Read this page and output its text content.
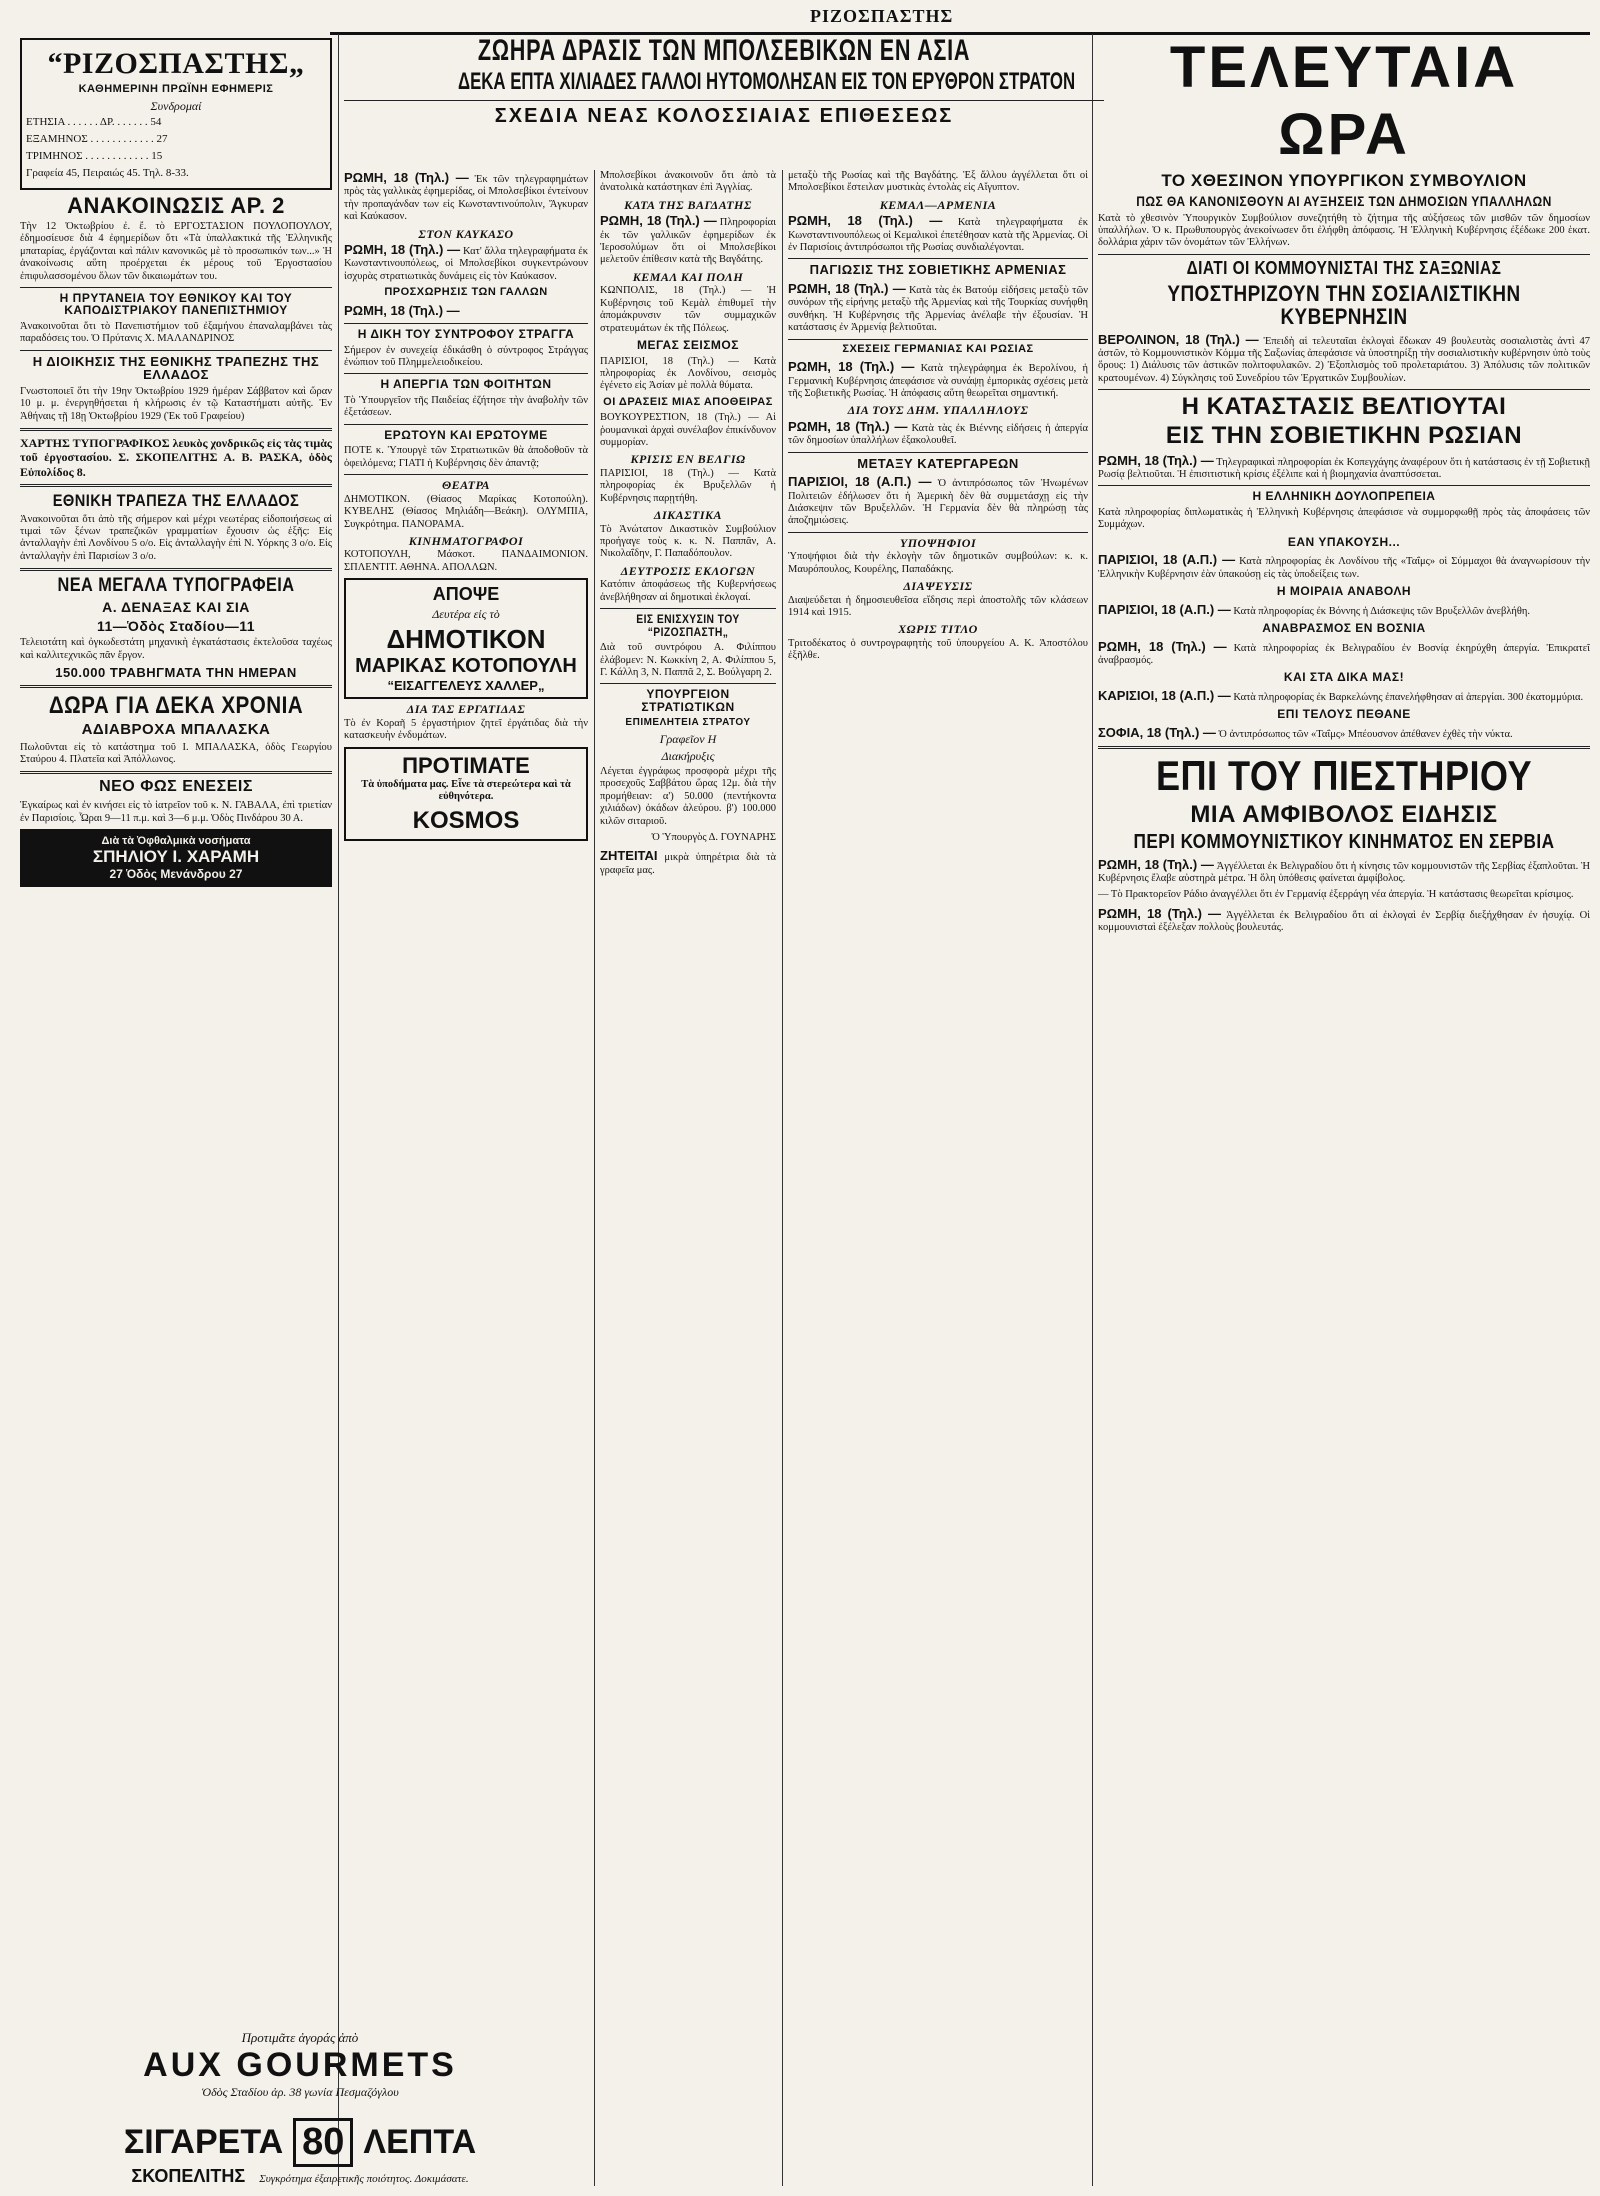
ΡΙΖΟΣΠΑΣΤΗΣ
“ΡΙΖΟΣΠΑΣΤΗΣ„
ΚΑΘΗΜΕΡΙΝΗ ΠΡΩΪΝΗ ΕΦΗΜΕΡΙΣ
Συνδρομαί
ΕΤΗΣΙΑ . . . . . . ΔΡ. . . . . . . 54
ΕΞΑΜΗΝΟΣ . . . . . . . . . . . . 27
ΤΡΙΜΗΝΟΣ . . . . . . . . . . . . 15
Γραφεία 45, Πειραιώς 45. Τηλ. 8-33.
ΑΝΑΚΟΙΝΩΣΙΣ ΑΡ. 2

Τὴν 12 Ὀκτωβρίου ἐ. ἔ. τὸ ΕΡΓΟΣΤΑΣΙΟΝ ΠΟΥΛΟΠΟΥΛΟΥ, ἐδημοσίευσε διὰ 4 ἐφημερίδων ὅτι «Τὰ ὑπαλλακτικά τῆς Ἑλληνικῆς μπαταρίας, ἐργάζονται καὶ πάλιν κανονικῶς μὲ τὸ προσωπικόν των...» Ἡ ἀνακοίνωσις αὕτη προέρχεται ἐκ μέρους τοῦ Ἐργοστασίου ἐπιφυλασσομένου ὅλων τῶν δικαιωμάτων του.

Η ΠΡΥΤΑΝΕΙΑ ΤΟΥ ΕΘΝΙΚΟΥ ΚΑΙ ΤΟΥ ΚΑΠΟΔΙΣΤΡΙΑΚΟΥ ΠΑΝΕΠΙΣΤΗΜΙΟΥ

Ἀνακοινοῦται ὅτι τὸ Πανεπιστήμιον τοῦ ἐξαμήνου ἐπαναλαμβάνει τὰς παραδόσεις του. Ὁ Πρύτανις Χ. ΜΑΛΑΝΔΡΙΝΟΣ

Η ΔΙΟΙΚΗΣΙΣ ΤΗΣ ΕΘΝΙΚΗΣ ΤΡΑΠΕΖΗΣ ΤΗΣ ΕΛΛΑΔΟΣ

Γνωστοποιεῖ ὅτι τὴν 19ην Ὀκτωβρίου 1929 ἡμέραν Σάββατον καὶ ὥραν 10 μ. μ. ἐνεργηθήσεται ἡ κλήρωσις ἐν τῷ Καταστήματι αὐτῆς. Ἐν Ἀθήναις τῇ 18ῃ Ὀκτωβρίου 1929 (Ἐκ τοῦ Γραφείου)

ΧΑΡΤΗΣ ΤΥΠΟΓΡΑΦΙΚΟΣ λευκὸς χονδρικῶς εἰς τὰς τιμὰς τοῦ ἐργοστασίου. Σ. ΣΚΟΠΕΛΙΤΗΣ Α. Β. ΡΑΣΚΑ, ὁδὸς Εὐπολίδος 8.

ΕΘΝΙΚΗ ΤΡΑΠΕΖΑ ΤΗΣ ΕΛΛΑΔΟΣ

Ἀνακοινοῦται ὅτι ἀπὸ τῆς σήμερον καὶ μέχρι νεωτέρας εἰδοποιήσεως αἱ τιμαὶ τῶν ξένων τραπεζικῶν γραμματίων ἔχουσιν ὡς ἑξῆς: Εἰς ἀνταλλαγὴν ἐπὶ Λονδίνου 5 ο/ο. Εἰς ἀνταλλαγὴν ἐπὶ Ν. Υόρκης 3 ο/ο. Εἰς ἀνταλλαγὴν ἐπὶ Παρισίων 3 ο/ο.

ΝΕΑ ΜΕΓΑΛΑ ΤΥΠΟΓΡΑΦΕΙΑ
Α. ΔΕΝΑΞΑΣ ΚΑΙ ΣΙΑ
11—Ὁδὸς Σταδίου—11

Τελειοτάτη καὶ ὀγκωδεστάτη μηχανικὴ ἐγκατάστασις ἐκτελοῦσα ταχέως καὶ καλλιτεχνικῶς πᾶν ἔργον.

150.000 ΤΡΑΒΗΓΜΑΤΑ ΤΗΝ ΗΜΕΡΑΝ
ΔΩΡΑ ΓΙΑ ΔΕΚΑ ΧΡΟΝΙΑ
ΑΔΙΑΒΡΟΧΑ ΜΠΑΛΑΣΚΑ

Πωλοῦνται εἰς τὸ κατάστημα τοῦ Ι. ΜΠΑΛΑΣΚΑ, ὁδὸς Γεωργίου Σταύρου 4. Πλατεῖα καὶ Ἀπόλλωνος.

ΝΕΟ ΦΩΣ ΕΝΕΣΕΙΣ

Ἐγκαίρως καὶ ἐν κινήσει εἰς τὸ ἰατρεῖον τοῦ κ. Ν. ΓΑΒΑΛΑ, ἐπὶ τριετίαν ἐν Παρισίοις. Ὧραι 9—11 π.μ. καὶ 3—6 μ.μ. Ὁδὸς Πινδάρου 30 Α.

Διὰ τὰ Ὀφθαλμικὰ νοσήματα
ΣΠΗΛΙΟΥ Ι. ΧΑΡΑΜΗ
27 Ὁδὸς Μενάνδρου 27
ΖΩΗΡΑ ΔΡΑΣΙΣ ΤΩΝ ΜΠΟΛΣΕΒΙΚΩΝ ΕΝ ΑΣΙΑ
ΔΕΚΑ ΕΠΤΑ ΧΙΛΙΑΔΕΣ ΓΑΛΛΟΙ ΗΥΤΟΜΟΛΗΣΑΝ ΕΙΣ ΤΟΝ ΕΡΥΘΡΟΝ ΣΤΡΑΤΟΝ
ΣΧΕΔΙΑ ΝΕΑΣ ΚΟΛΟΣΣΙΑΙΑΣ ΕΠΙΘΕΣΕΩΣ

ΡΩΜΗ, 18 (Τηλ.) — Ἐκ τῶν τηλεγραφημάτων πρὸς τὰς γαλλικὰς ἐφημερίδας, οἱ Μπολσεβίκοι ἐντείνουν τὴν προπαγάνδαν των εἰς Κωνσταντινούπολιν, Ἄγκυραν καὶ Καύκασον.

ΣΤΟΝ ΚΑΥΚΑΣΟ

ΡΩΜΗ, 18 (Τηλ.) — Κατ' ἄλλα τηλεγραφήματα ἐκ Κωνσταντινουπόλεως, οἱ Μπολσεβίκοι συγκεντρώνουν ἰσχυρὰς στρατιωτικὰς δυνάμεις εἰς τὸν Καύκασον.

ΠΡΟΣΧΩΡΗΣΙΣ ΤΩΝ ΓΑΛΛΩΝ

ΡΩΜΗ, 18 (Τηλ.) —

Η ΔΙΚΗ ΤΟΥ ΣΥΝΤΡΟΦΟΥ ΣΤΡΑΓΓΑ

Σήμερον ἐν συνεχείᾳ ἐδικάσθη ὁ σύντροφος Στράγγας ἐνώπιον τοῦ Πλημμελειοδικείου.

Η ΑΠΕΡΓΙΑ ΤΩΝ ΦΟΙΤΗΤΩΝ

Τὸ Ὑπουργεῖον τῆς Παιδείας ἐζήτησε τὴν ἀναβολὴν τῶν ἐξετάσεων.

ΕΡΩΤΟΥΝ ΚΑΙ ΕΡΩΤΟΥΜΕ

ΠΟΤΕ κ. Ὑπουργὲ τῶν Στρατιωτικῶν θὰ ἀποδοθοῦν τὰ ὀφειλόμενα; ΓΙΑΤΙ ἡ Κυβέρνησις δὲν ἀπαντᾷ;

ΘΕΑΤΡΑ

ΔΗΜΟΤΙΚΟΝ. (Θίασος Μαρίκας Κοτοπούλη). ΚΥΒΕΛΗΣ (Θίασος Μηλιάδη—Βεάκη). ΟΛΥΜΠΙΑ, Συγκρότημα. ΠΑΝΟΡΑΜΑ.

ΚΙΝΗΜΑΤΟΓΡΑΦΟΙ

ΚΟΤΟΠΟΥΛΗ, Μάσκοτ. ΠΑΝΔΑΙΜΟΝΙΟΝ. ΣΠΛΕΝΤΙΤ. ΑΘΗΝΑ. ΑΠΟΛΛΩΝ.

ΑΠΟΨΕ
Δευτέρα εἰς τὸ
ΔΗΜΟΤΙΚΟΝ
ΜΑΡΙΚΑΣ ΚΟΤΟΠΟΥΛΗ
“ΕΙΣΑΓΓΕΛΕΥΣ ΧΑΛΛΕΡ„
ΔΙΑ ΤΑΣ ΕΡΓΑΤΙΔΑΣ

Τὸ ἐν Κοραῆ 5 ἐργαστήριον ζητεῖ ἐργάτιδας διὰ τὴν κατασκευὴν ἐνδυμάτων.

ΠΡΟΤΙΜΑΤΕ
Τὰ ὑποδήματα μας. Εἶνε τὰ στερεώτερα καὶ τὰ εὐθηνότερα.
KOSMOS

Μπολσεβίκοι ἀνακοινοῦν ὅτι ἀπὸ τὰ ἀνατολικὰ κατάστηκαν ἐπὶ Ἀγγλίας.

ΚΑΤΑ ΤΗΣ ΒΑΓΔΑΤΗΣ

ΡΩΜΗ, 18 (Τηλ.) — Πληροφορίαι ἐκ τῶν γαλλικῶν ἐφημερίδων ἐκ Ἰεροσολύμων ὅτι οἱ Μπολσεβίκοι μελετοῦν ἐπίθεσιν κατὰ τῆς Βαγδάτης.

ΚΕΜΑΛ ΚΑΙ ΠΟΛΗ

ΚΩΝΠΟΛΙΣ, 18 (Τηλ.) — Ἡ Κυβέρνησις τοῦ Κεμὰλ ἐπιθυμεῖ τὴν ἀπομάκρυνσιν τῶν συμμαχικῶν στρατευμάτων ἐκ τῆς Πόλεως.

ΜΕΓΑΣ ΣΕΙΣΜΟΣ

ΠΑΡΙΣΙΟΙ, 18 (Τηλ.) — Κατὰ πληροφορίας ἐκ Λονδίνου, σεισμὸς ἐγένετο εἰς Ἀσίαν μὲ πολλὰ θύματα.

ΟΙ ΔΡΑΣΕΙΣ ΜΙΑΣ ΑΠΟΘΕΙΡΑΣ

ΒΟΥΚΟΥΡΕΣΤΙΟΝ, 18 (Τηλ.) — Αἱ ῥουμανικαὶ ἀρχαὶ συνέλαβον ἐπικίνδυνον συμμορίαν.

ΚΡΙΣΙΣ ΕΝ ΒΕΛΓΙΩ

ΠΑΡΙΣΙΟΙ, 18 (Τηλ.) — Κατὰ πληροφορίας ἐκ Βρυξελλῶν ἡ Κυβέρνησις παρῃτήθη.

ΔΙΚΑΣΤΙΚΑ

Τὸ Ἀνώτατον Δικαστικὸν Συμβούλιον προήγαγε τοὺς κ. κ. Ν. Παππᾶν, Α. Νικολαΐδην, Γ. Παπαδόπουλον.

ΔΕΥΤΡΟΣΙΣ ΕΚΛΟΓΩΝ

Κατόπιν ἀποφάσεως τῆς Κυβερνήσεως ἀνεβλήθησαν αἱ δημοτικαὶ ἐκλογαί.

ΕΙΣ ΕΝΙΣΧΥΣΙΝ ΤΟΥ “ΡΙΖΟΣΠΑΣΤΗ„

Διὰ τοῦ συντρόφου Α. Φιλίππου ἐλάβομεν: Ν. Κωκκίνη 2, Α. Φιλίππου 5, Γ. Κάλλη 3, Ν. Παππᾶ 2, Σ. Βούλγαρη 2.

ΥΠΟΥΡΓΕΙΟΝ ΣΤΡΑΤΙΩΤΙΚΩΝ
ΕΠΙΜΕΛΗΤΕΙΑ ΣΤΡΑΤΟΥ
Γραφεῖον Η
Διακήρυξις

Λέγεται ἐγγράφως προσφορὰ μέχρι τῆς προσεχοῦς Σαββάτου ὥρας 12μ. διὰ τὴν προμήθειαν: α') 50.000 (πεντήκοντα χιλιάδων) ὀκάδων ἀλεύρου. β') 100.000 κιλῶν σιταριοῦ.

Ὁ Ὑπουργὸς Δ. ΓΟΥΝΑΡΗΣ

ΖΗΤΕΙΤΑΙ μικρὰ ὑπηρέτρια διὰ τὰ γραφεῖα μας.

μεταξὺ τῆς Ρωσίας καὶ τῆς Βαγδάτης. Ἐξ ἄλλου ἀγγέλλεται ὅτι οἱ Μπολσεβίκοι ἔστειλαν μυστικὰς ἐντολὰς εἰς Αἴγυπτον.

ΚΕΜΑΛ—ΑΡΜΕΝΙΑ

ΡΩΜΗ, 18 (Τηλ.) — Κατὰ τηλεγραφήματα ἐκ Κωνσταντινουπόλεως οἱ Κεμαλικοὶ ἐπετέθησαν κατὰ τῆς Ἀρμενίας. Οἱ ἐν Παρισίοις ἀντιπρόσωποι τῆς Ρωσίας συνδιαλέγονται.

ΠΑΓΙΩΣΙΣ ΤΗΣ ΣΟΒΙΕΤΙΚΗΣ ΑΡΜΕΝΙΑΣ

ΡΩΜΗ, 18 (Τηλ.) — Κατὰ τὰς ἐκ Βατούμ εἰδήσεις μεταξὺ τῶν συνόρων τῆς εἰρήνης μεταξὺ τῆς Ἀρμενίας καὶ τῆς Τουρκίας συνήφθη συνθήκη. Ἡ Κυβέρνησις τῆς Ἀρμενίας ἀνέλαβε τὴν ἐξουσίαν. Ἡ κατάστασις ἐν Ἀρμενίᾳ βελτιοῦται.

ΣΧΕΣΕΙΣ ΓΕΡΜΑΝΙΑΣ ΚΑΙ ΡΩΣΙΑΣ

ΡΩΜΗ, 18 (Τηλ.) — Κατὰ τηλεγράφημα ἐκ Βερολίνου, ἡ Γερμανικὴ Κυβέρνησις ἀπεφάσισε νὰ συνάψῃ ἐμπορικὰς σχέσεις μετὰ τῆς Σοβιετικῆς Ρωσίας. Ἡ ἀπόφασις αὕτη θεωρεῖται σημαντική.

ΔΙΑ ΤΟΥΣ ΔΗΜ. ΥΠΑΛΛΗΛΟΥΣ

ΡΩΜΗ, 18 (Τηλ.) — Κατὰ τὰς ἐκ Βιέννης εἰδήσεις ἡ ἀπεργία τῶν δημοσίων ὑπαλλήλων ἐξακολουθεῖ.

ΜΕΤΑΞΥ ΚΑΤΕΡΓΑΡΕΩΝ

ΠΑΡΙΣΙΟΙ, 18 (Α.Π.) — Ὁ ἀντιπρόσωπος τῶν Ἡνωμένων Πολιτειῶν ἐδήλωσεν ὅτι ἡ Ἀμερικὴ δὲν θὰ συμμετάσχῃ εἰς τὴν Διάσκεψιν τῶν Βρυξελλῶν. Ἡ Γερμανία δὲν θὰ πληρώσῃ τὰς ἀποζημιώσεις.

ΥΠΟΨΗΦΙΟΙ

Ὑποψήφιοι διὰ τὴν ἐκλογὴν τῶν δημοτικῶν συμβούλων: κ. κ. Μαυρόπουλος, Κουρέλης, Παπαδάκης.

ΔΙΑΨΕΥΣΙΣ

Διαψεύδεται ἡ δημοσιευθεῖσα εἴδησις περὶ ἀποστολῆς τῶν κλάσεων 1914 καὶ 1915.

ΧΩΡΙΣ ΤΙΤΛΟ

Τριτοδέκατος ὁ συντρογραφητὴς τοῦ ὑπουργείου Α. Κ. Ἀποστόλου ἐξῆλθε.

ΤΕΛΕΥΤΑΙΑ ΩΡΑ
ΤΟ ΧΘΕΣΙΝΟΝ ΥΠΟΥΡΓΙΚΟΝ ΣΥΜΒΟΥΛΙΟΝ
ΠΩΣ ΘΑ ΚΑΝΟΝΙΣΘΟΥΝ ΑΙ ΑΥΞΗΣΕΙΣ ΤΩΝ ΔΗΜΟΣΙΩΝ ΥΠΑΛΛΗΛΩΝ

Κατὰ τὸ χθεσινὸν Ὑπουργικὸν Συμβούλιον συνεζητήθη τὸ ζήτημα τῆς αὐξήσεως τῶν μισθῶν τῶν δημοσίων ὑπαλλήλων. Ὁ κ. Πρωθυπουργὸς ἀνεκοίνωσεν ὅτι ἐλήφθη ἀπόφασις. Ἡ Ἑλληνικὴ Κυβέρνησις ἐξέδωκε 200 ἑκατ. δολλάρια χάριν τῶν ὀνομάτων τῶν Ἑλλήνων.

ΔΙΑΤΙ ΟΙ ΚΟΜΜΟΥΝΙΣΤΑΙ ΤΗΣ ΣΑΞΩΝΙΑΣ
ΥΠΟΣΤΗΡΙΖΟΥΝ ΤΗΝ ΣΟΣΙΑΛΙΣΤΙΚΗΝ ΚΥΒΕΡΝΗΣΙΝ

ΒΕΡΟΛΙΝΟΝ, 18 (Τηλ.) — Ἐπειδὴ αἱ τελευταῖαι ἐκλογαὶ ἔδωκαν 49 βουλευτὰς σοσιαλιστὰς ἀντὶ 47 ἀστῶν, τὸ Κομμουνιστικὸν Κόμμα τῆς Σαξωνίας ἀπεφάσισε νὰ ὑποστηρίξῃ τὴν σοσιαλιστικὴν κυβέρνησιν ὑπὸ τοὺς ὅρους: 1) Διάλυσις τῶν ἀστικῶν πολιτοφυλακῶν. 2) Ἐξοπλισμὸς τοῦ προλεταριάτου. 3) Ἀπόλυσις τῶν πολιτικῶν κρατουμένων. 4) Σύγκλησις τοῦ Συνεδρίου τῶν Ἐργατικῶν Συμβουλίων.

Η ΚΑΤΑΣΤΑΣΙΣ ΒΕΛΤΙΟΥΤΑΙ
ΕΙΣ ΤΗΝ ΣΟΒΙΕΤΙΚΗΝ ΡΩΣΙΑΝ

ΡΩΜΗ, 18 (Τηλ.) — Τηλεγραφικαὶ πληροφορίαι ἐκ Κοπεγχάγης ἀναφέρουν ὅτι ἡ κατάστασις ἐν τῇ Σοβιετικῇ Ρωσίᾳ βελτιοῦται. Ἡ ἐπισιτιστικὴ κρίσις ἐξέλιπε καὶ ἡ βιομηχανία ἀναπτύσσεται.

Η ΕΛΛΗΝΙΚΗ ΔΟΥΛΟΠΡΕΠΕΙΑ

Κατὰ πληροφορίας διπλωματικὰς ἡ Ἑλληνικὴ Κυβέρνησις ἀπεφάσισε νὰ συμμορφωθῇ πρὸς τὰς ἀποφάσεις τῶν Συμμάχων.

ΕΑΝ ΥΠΑΚΟΥΣΗ...

ΠΑΡΙΣΙΟΙ, 18 (Α.Π.) — Κατὰ πληροφορίας ἐκ Λονδίνου τῆς «Ταΐμς» οἱ Σύμμαχοι θὰ ἀναγνωρίσουν τὴν Ἑλληνικὴν Κυβέρνησιν ἐὰν ὑπακούσῃ εἰς τὰς ὑποδείξεις των.

Η ΜΟΙΡΑΙΑ ΑΝΑΒΟΛΗ

ΠΑΡΙΣΙΟΙ, 18 (Α.Π.) — Κατὰ πληροφορίας ἐκ Βόννης ἡ Διάσκεψις τῶν Βρυξελλῶν ἀνεβλήθη.

ΑΝΑΒΡΑΣΜΟΣ ΕΝ ΒΟΣΝΙΑ

ΡΩΜΗ, 18 (Τηλ.) — Κατὰ πληροφορίας ἐκ Βελιγραδίου ἐν Βοσνίᾳ ἐκηρύχθη ἀπεργία. Ἐπικρατεῖ ἀναβρασμός.

ΚΑΙ ΣΤΑ ΔΙΚΑ ΜΑΣ!

ΚΑΡΙΣΙΟΙ, 18 (Α.Π.) — Κατὰ πληροφορίας ἐκ Βαρκελώνης ἐπανελήφθησαν αἱ ἀπεργίαι. 300 ἐκατομμύρια.

ΕΠΙ ΤΕΛΟΥΣ ΠΕΘΑΝΕ

ΣΟΦΙΑ, 18 (Τηλ.) — Ὁ ἀντιπρόσωπος τῶν «Ταΐμς» Μπέουσνον ἀπέθανεν ἐχθὲς τὴν νύκτα.

ΕΠΙ ΤΟΥ ΠΙΕΣΤΗΡΙΟΥ
ΜΙΑ ΑΜΦΙΒΟΛΟΣ ΕΙΔΗΣΙΣ
ΠΕΡΙ ΚΟΜΜΟΥΝΙΣΤΙΚΟΥ ΚΙΝΗΜΑΤΟΣ ΕΝ ΣΕΡΒΙΑ

ΡΩΜΗ, 18 (Τηλ.) — Ἀγγέλλεται ἐκ Βελιγραδίου ὅτι ἡ κίνησις τῶν κομμουνιστῶν τῆς Σερβίας ἐξαπλοῦται. Ἡ Κυβέρνησις ἔλαβε αὐστηρὰ μέτρα. Ἡ ὅλη ὑπόθεσις φαίνεται ἀμφίβολος.

— Τὸ Πρακτορεῖον Ράδιο ἀναγγέλλει ὅτι ἐν Γερμανίᾳ ἐξερράγη νέα ἀπεργία. Ἡ κατάστασις θεωρεῖται κρίσιμος.

ΡΩΜΗ, 18 (Τηλ.) — Ἀγγέλλεται ἐκ Βελιγραδίου ὅτι αἱ ἐκλογαὶ ἐν Σερβίᾳ διεξήχθησαν ἐν ἡσυχίᾳ. Οἱ κομμουνισταὶ ἐξέλεξαν πολλοὺς βουλευτάς.

Προτιμᾶτε ἀγοράς ἀπὸ
AUX GOURMETS
Ὁδὸς Σταδίου ἀρ. 38 γωνία Πεσμαζόγλου
ΣΙΓΑΡΕΤΑ 80 ΛΕΠΤΑ
ΣΚΟΠΕΛΙΤΗΣ Συγκρότημα ἐξαιρετικῆς ποιότητος. Δοκιμάσατε.
